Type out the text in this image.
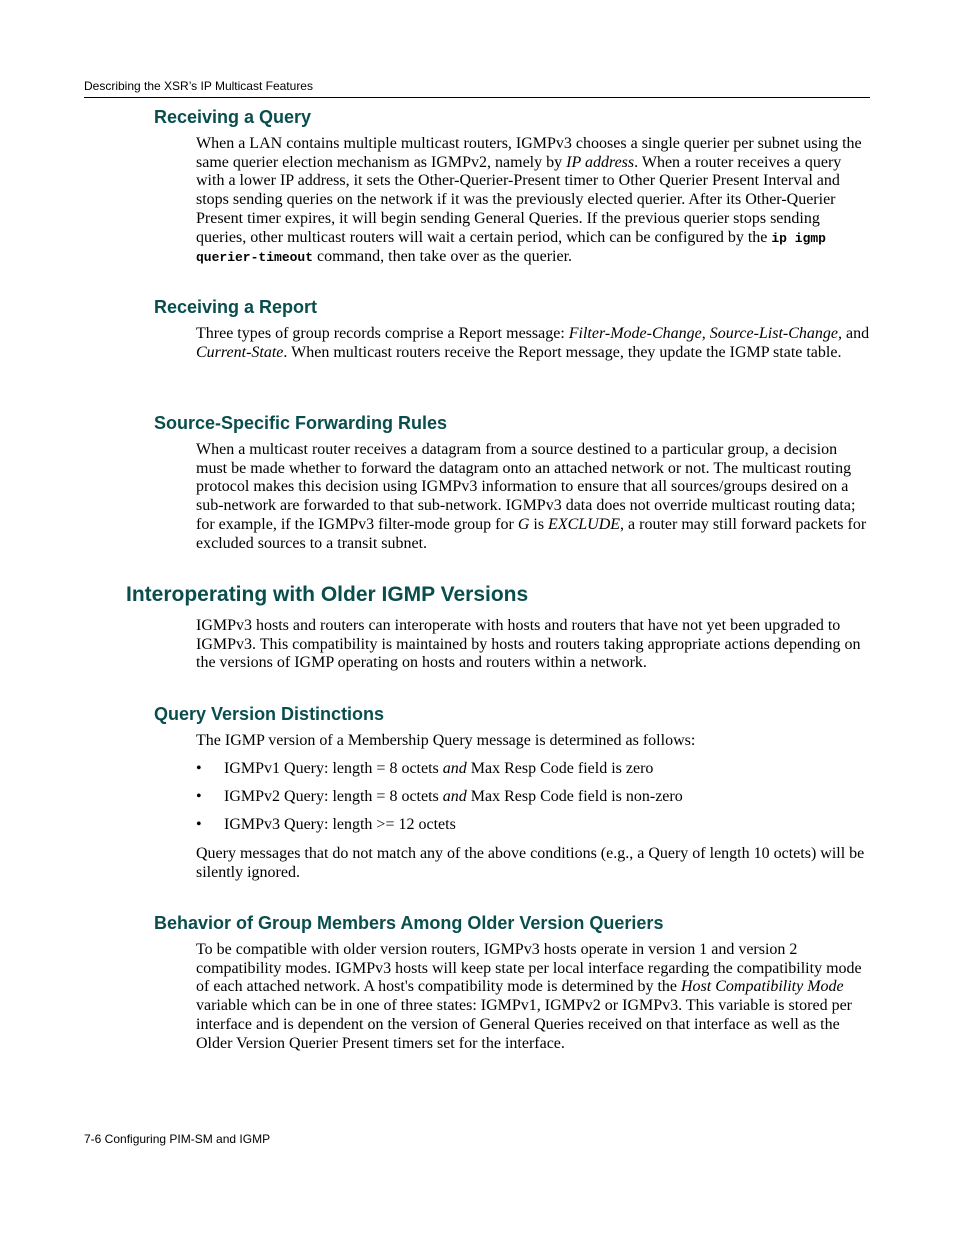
Describing the XSR’s IP Multicast Features
Receiving a Query

When a LAN contains multiple multicast routers, IGMPv3 chooses a single querier per subnet using the same querier election mechanism as IGMPv2, namely by IP address. When a router receives a query with a lower IP address, it sets the Other-Querier-Present timer to Other Querier Present Interval and stops sending queries on the network if it was the previously elected querier. After its Other-Querier Present timer expires, it will begin sending General Queries. If the previous querier stops sending queries, other multicast routers will wait a certain period, which can be configured by the ip igmp querier-timeout command, then take over as the querier.

Receiving a Report

Three types of group records comprise a Report message: Filter-Mode-Change, Source-List-Change, and Current-State. When multicast routers receive the Report message, they update the IGMP state table.

Source-Specific Forwarding Rules

When a multicast router receives a datagram from a source destined to a particular group, a decision must be made whether to forward the datagram onto an attached network or not. The multicast routing protocol makes this decision using IGMPv3 information to ensure that all sources/groups desired on a sub-network are forwarded to that sub-network. IGMPv3 data does not override multicast routing data; for example, if the IGMPv3 filter-mode group for G is EXCLUDE, a router may still forward packets for excluded sources to a transit subnet.

Interoperating with Older IGMP Versions

IGMPv3 hosts and routers can interoperate with hosts and routers that have not yet been upgraded to IGMPv3. This compatibility is maintained by hosts and routers taking appropriate actions depending on the versions of IGMP operating on hosts and routers within a network.

Query Version Distinctions

The IGMP version of a Membership Query message is determined as follows:

• IGMPv1 Query: length = 8 octets and Max Resp Code field is zero
• IGMPv2 Query: length = 8 octets and Max Resp Code field is non-zero
• IGMPv3 Query: length >= 12 octets

Query messages that do not match any of the above conditions (e.g., a Query of length 10 octets) will be silently ignored.

Behavior of Group Members Among Older Version Queriers

To be compatible with older version routers, IGMPv3 hosts operate in version 1 and version 2 compatibility modes. IGMPv3 hosts will keep state per local interface regarding the compatibility mode of each attached network. A host's compatibility mode is determined by the Host Compatibility Mode variable which can be in one of three states: IGMPv1, IGMPv2 or IGMPv3. This variable is stored per interface and is dependent on the version of General Queries received on that interface as well as the Older Version Querier Present timers set for the interface.

7-6 Configuring PIM-SM and IGMP
